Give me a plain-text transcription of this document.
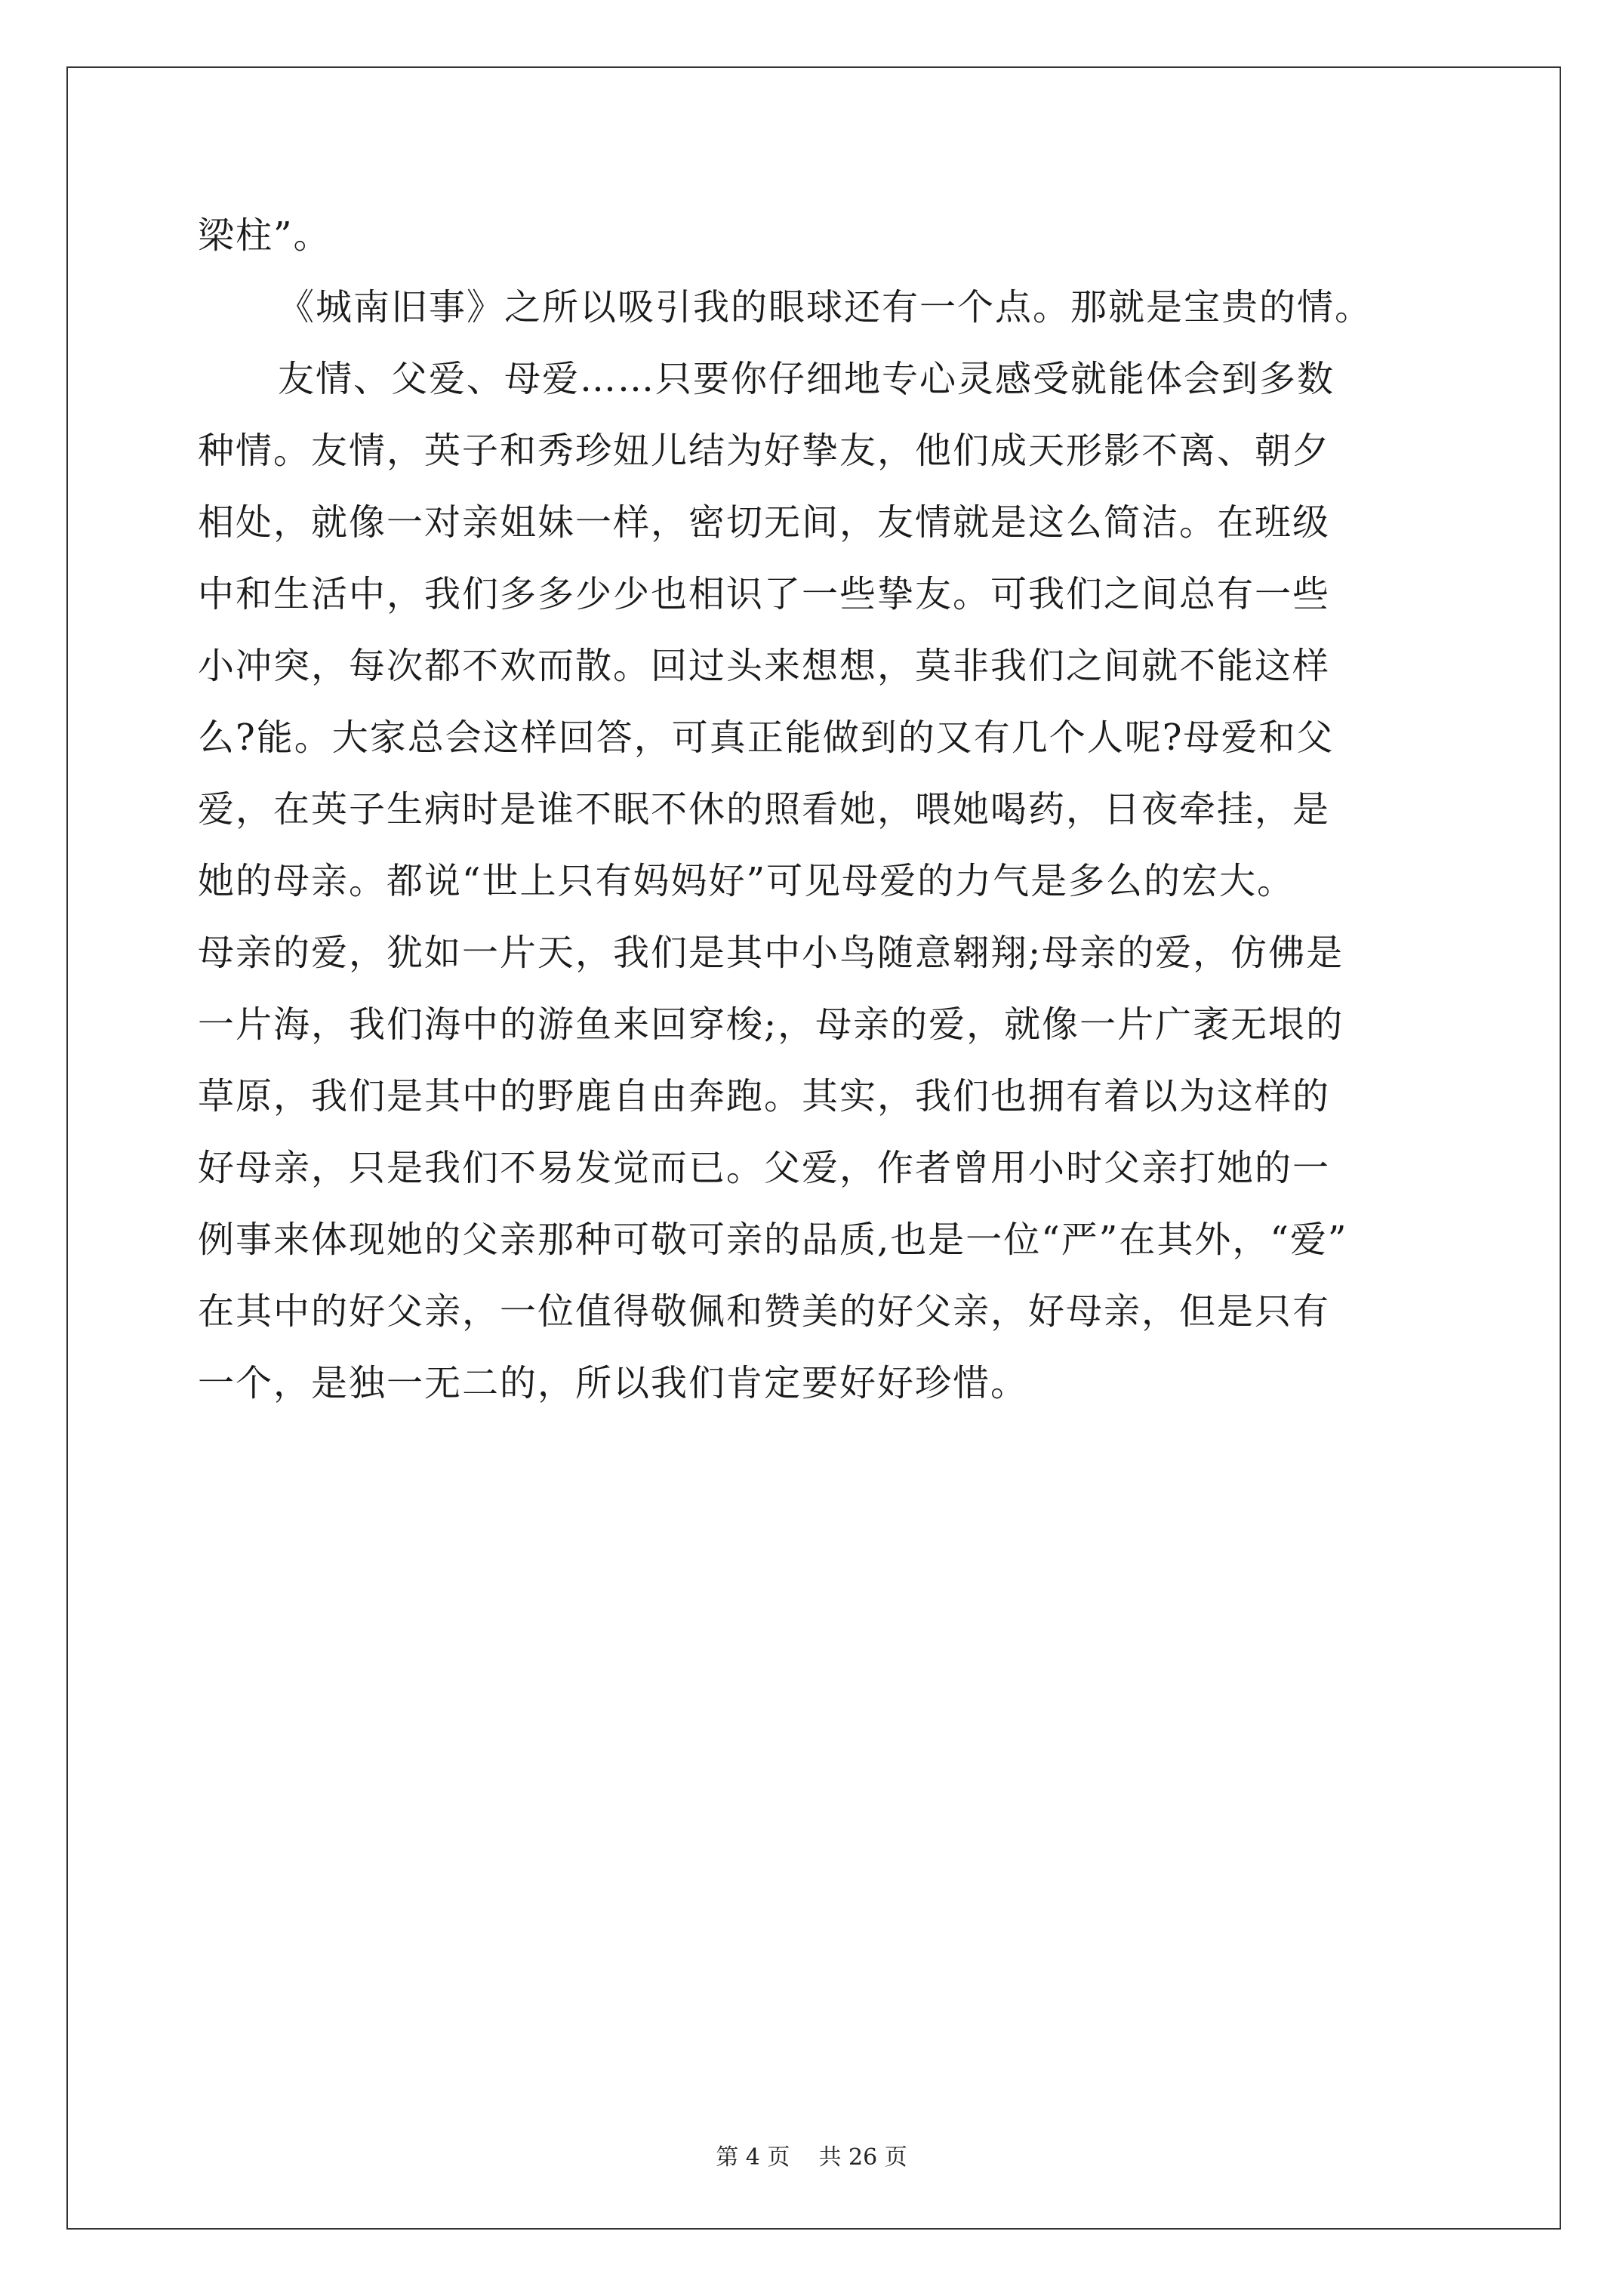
梁柱”。

《城南旧事》之所以吸引我的眼球还有一个点。那就是宝贵的情。

友情、父爱、母爱……只要你仔细地专心灵感受就能体会到多数

种情。友情，英子和秀珍妞儿结为好挚友，他们成天形影不离、朝夕

相处，就像一对亲姐妹一样，密切无间，友情就是这么简洁。在班级

中和生活中，我们多多少少也相识了一些挚友。可我们之间总有一些

小冲突，每次都不欢而散。回过头来想想，莫非我们之间就不能这样

么?能。大家总会这样回答，可真正能做到的又有几个人呢?母爱和父

爱，在英子生病时是谁不眠不休的照看她，喂她喝药，日夜牵挂，是

她的母亲。都说“世上只有妈妈好”可见母爱的力气是多么的宏大。

母亲的爱，犹如一片天，我们是其中小鸟随意翱翔;母亲的爱，仿佛是

一片海，我们海中的游鱼来回穿梭;，母亲的爱，就像一片广袤无垠的

草原，我们是其中的野鹿自由奔跑。其实，我们也拥有着以为这样的

好母亲，只是我们不易发觉而已。父爱，作者曾用小时父亲打她的一

例事来体现她的父亲那种可敬可亲的品质,也是一位“严”在其外，“爱”

在其中的好父亲，一位值得敬佩和赞美的好父亲，好母亲，但是只有

一个，是独一无二的，所以我们肯定要好好珍惜。

第 4 页    共 26 页
